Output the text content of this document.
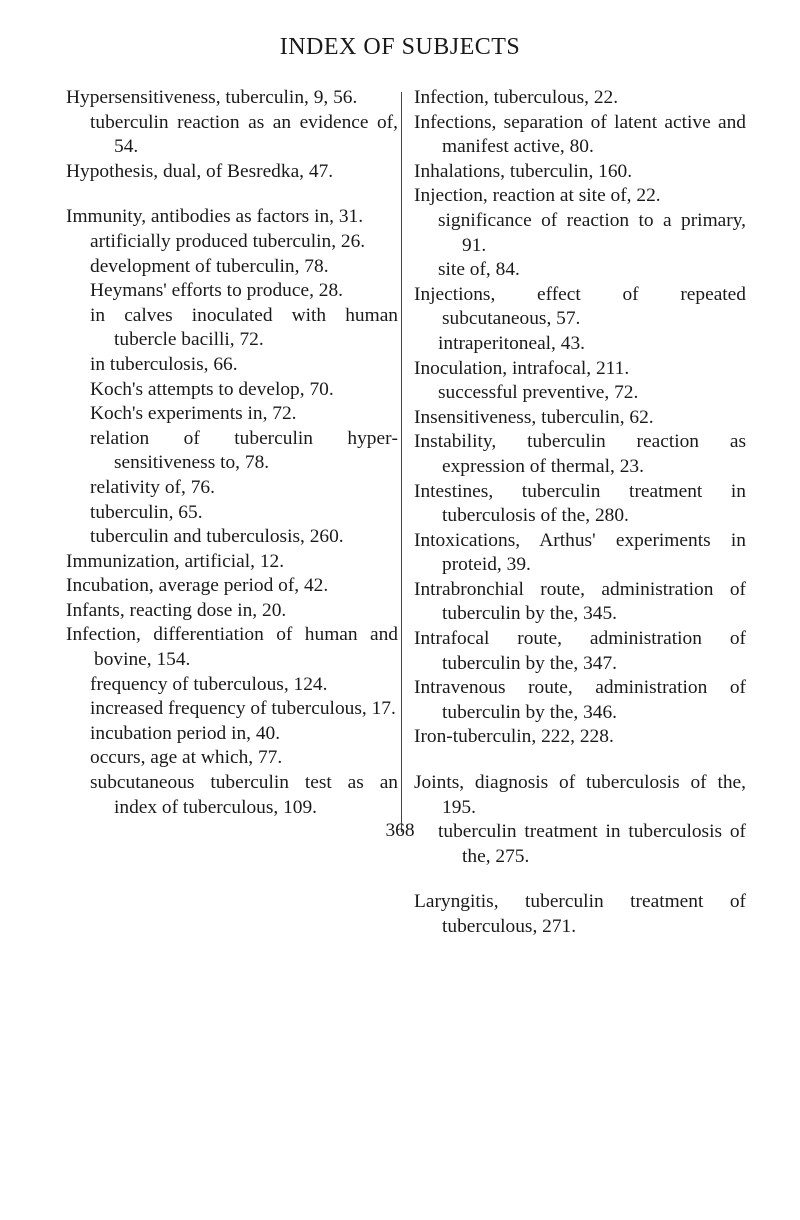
INDEX OF SUBJECTS

Hypersensitiveness, tuberculin, 9, 56.

tuberculin reaction as an evidence of, 54.

Hypothesis, dual, of Besredka, 47.

Immunity, antibodies as factors in, 31.

artificially produced tuberculin, 26.

development of tuberculin, 78.

Heymans' efforts to produce, 28.

in calves inoculated with human tubercle bacilli, 72.

in tuberculosis, 66.

Koch's attempts to develop, 70.

Koch's experiments in, 72.

relation of tuberculin hypersensitiveness to, 78.

relativity of, 76.

tuberculin, 65.

tuberculin and tuberculosis, 260.

Immunization, artificial, 12.

Incubation, average period of, 42.

Infants, reacting dose in, 20.

Infection, differentiation of human and bovine, 154.

frequency of tuberculous, 124.

increased frequency of tuberculous, 17.

incubation period in, 40.

occurs, age at which, 77.

subcutaneous tuberculin test as an index of tuberculous, 109.

Infection, tuberculous, 22.

Infections, separation of latent active and manifest active, 80.

Inhalations, tuberculin, 160.

Injection, reaction at site of, 22.

significance of reaction to a primary, 91.

site of, 84.

Injections, effect of repeated subcutaneous, 57.

intraperitoneal, 43.

Inoculation, intrafocal, 211.

successful preventive, 72.

Insensitiveness, tuberculin, 62.

Instability, tuberculin reaction as expression of thermal, 23.

Intestines, tuberculin treatment in tuberculosis of the, 280.

Intoxications, Arthus' experiments in proteid, 39.

Intrabronchial route, administration of tuberculin by the, 345.

Intrafocal route, administration of tuberculin by the, 347.

Intravenous route, administration of tuberculin by the, 346.

Iron-tuberculin, 222, 228.

Joints, diagnosis of tuberculosis of the, 195.

tuberculin treatment in tuberculosis of the, 275.

Laryngitis, tuberculin treatment of tuberculous, 271.

368
